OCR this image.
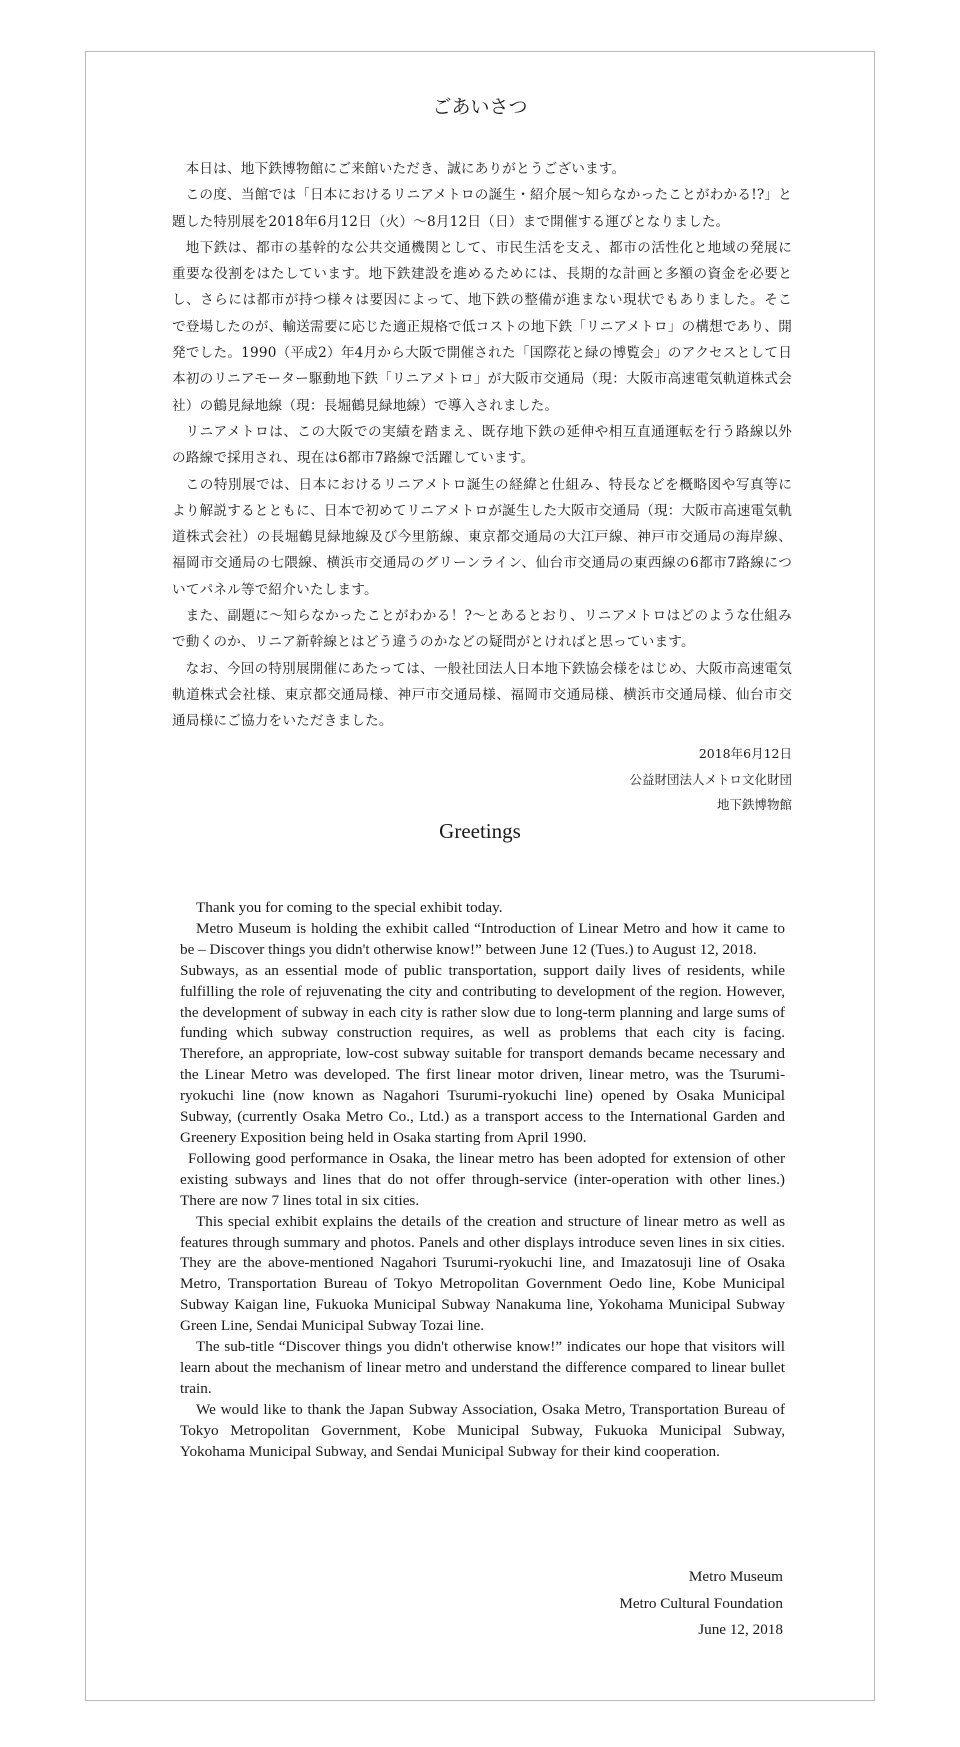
ごあいさつ

本日は、地下鉄博物館にご来館いただき、誠にありがとうございます。

この度、当館では「日本におけるリニアメトロの誕生・紹介展〜知らなかったことがわかる!?」と題した特別展を2018年6月12日（火）〜8月12日（日）まで開催する運びとなりました。

地下鉄は、都市の基幹的な公共交通機関として、市民生活を支え、都市の活性化と地域の発展に重要な役割をはたしています。地下鉄建設を進めるためには、長期的な計画と多額の資金を必要とし、さらには都市が持つ様々は要因によって、地下鉄の整備が進まない現状でもありました。そこで登場したのが、輸送需要に応じた適正規格で低コストの地下鉄「リニアメトロ」の構想であり、開発でした。1990（平成2）年4月から大阪で開催された「国際花と緑の博覧会」のアクセスとして日本初のリニアモーター駆動地下鉄「リニアメトロ」が大阪市交通局（現：大阪市高速電気軌道株式会社）の鶴見緑地線（現：長堀鶴見緑地線）で導入されました。

リニアメトロは、この大阪での実績を踏まえ、既存地下鉄の延伸や相互直通運転を行う路線以外の路線で採用され、現在は6都市7路線で活躍しています。

この特別展では、日本におけるリニアメトロ誕生の経緯と仕組み、特長などを概略図や写真等により解説するとともに、日本で初めてリニアメトロが誕生した大阪市交通局（現：大阪市高速電気軌道株式会社）の長堀鶴見緑地線及び今里筋線、東京都交通局の大江戸線、神戸市交通局の海岸線、福岡市交通局の七隈線、横浜市交通局のグリーンライン、仙台市交通局の東西線の6都市7路線についてパネル等で紹介いたします。

また、副題に〜知らなかったことがわかる！?〜とあるとおり、リニアメトロはどのような仕組みで動くのか、リニア新幹線とはどう違うのかなどの疑問がとければと思っています。

なお、今回の特別展開催にあたっては、一般社団法人日本地下鉄協会様をはじめ、大阪市高速電気軌道株式会社様、東京都交通局様、神戸市交通局様、福岡市交通局様、横浜市交通局様、仙台市交通局様にご協力をいただきました。

2018年6月12日
公益財団法人メトロ文化財団
地下鉄博物館
Greetings

Thank you for coming to the special exhibit today.

Metro Museum is holding the exhibit called “Introduction of Linear Metro and how it came to be – Discover things you didn't otherwise know!” between June 12 (Tues.) to August 12, 2018.

Subways, as an essential mode of public transportation, support daily lives of residents, while fulfilling the role of rejuvenating the city and contributing to development of the region. However, the development of subway in each city is rather slow due to long-term planning and large sums of funding which subway construction requires, as well as problems that each city is facing. Therefore, an appropriate, low-cost subway suitable for transport demands became necessary and the Linear Metro was developed. The first linear motor driven, linear metro, was the Tsurumi-ryokuchi line (now known as Nagahori Tsurumi-ryokuchi line) opened by Osaka Municipal Subway, (currently Osaka Metro Co., Ltd.) as a transport access to the International Garden and Greenery Exposition being held in Osaka starting from April 1990.

Following good performance in Osaka, the linear metro has been adopted for extension of other existing subways and lines that do not offer through-service (inter-operation with other lines.) There are now 7 lines total in six cities.

This special exhibit explains the details of the creation and structure of linear metro as well as features through summary and photos. Panels and other displays introduce seven lines in six cities. They are the above-mentioned Nagahori Tsurumi-ryokuchi line, and Imazatosuji line of Osaka Metro, Transportation Bureau of Tokyo Metropolitan Government Oedo line, Kobe Municipal Subway Kaigan line, Fukuoka Municipal Subway Nanakuma line, Yokohama Municipal Subway Green Line, Sendai Municipal Subway Tozai line.

The sub-title “Discover things you didn't otherwise know!” indicates our hope that visitors will learn about the mechanism of linear metro and understand the difference compared to linear bullet train.

We would like to thank the Japan Subway Association, Osaka Metro, Transportation Bureau of Tokyo Metropolitan Government, Kobe Municipal Subway, Fukuoka Municipal Subway, Yokohama Municipal Subway, and Sendai Municipal Subway for their kind cooperation.

Metro Museum
Metro Cultural Foundation
June 12, 2018
